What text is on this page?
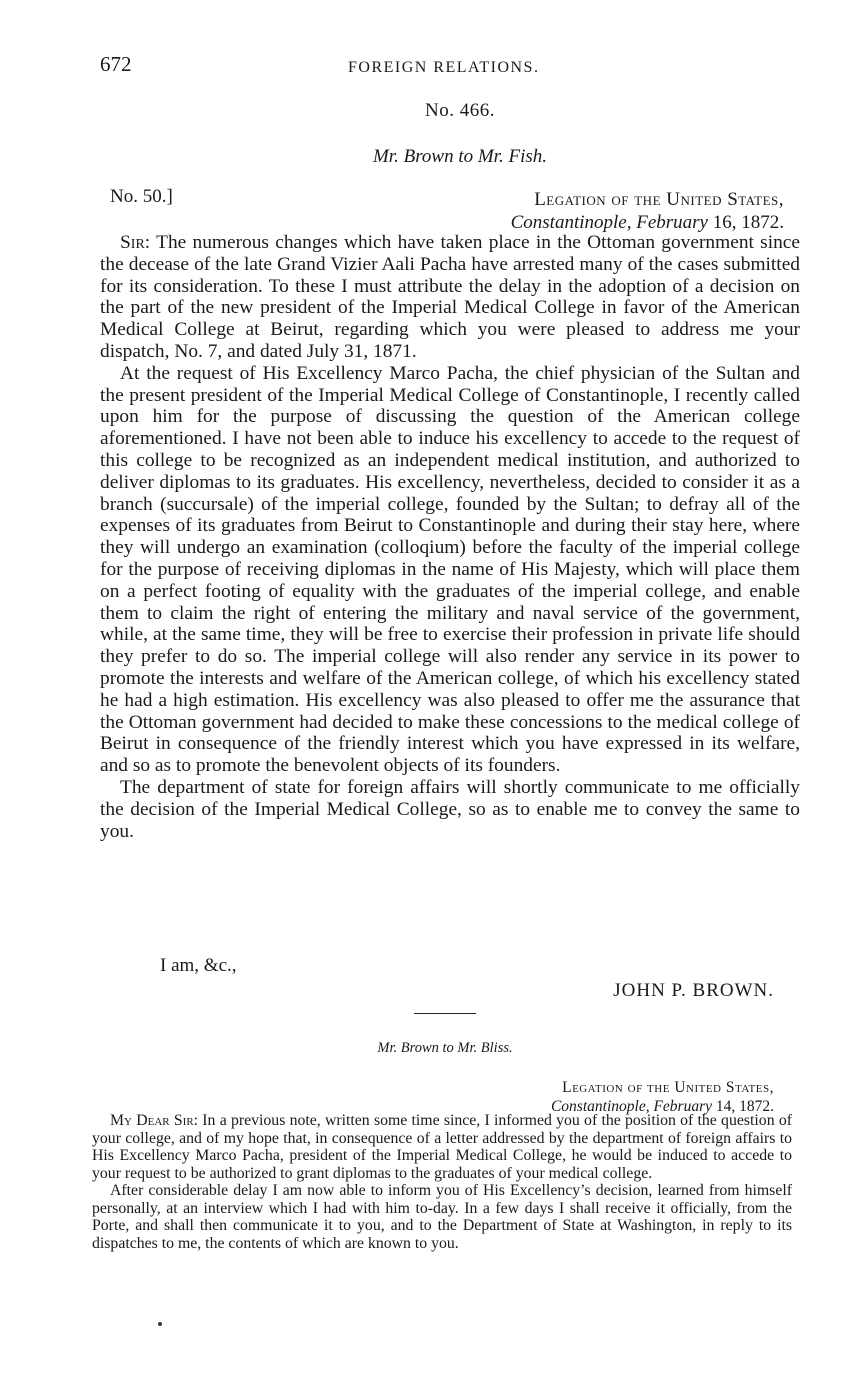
672	FOREIGN RELATIONS.
No. 466.
Mr. Brown to Mr. Fish.
No. 50.]	Legation of the United States,
Constantinople, February 16, 1872.

Sir: The numerous changes which have taken place in the Ottoman government since the decease of the late Grand Vizier Aali Pacha have arrested many of the cases submitted for its consideration. To these I must attribute the delay in the adoption of a decision on the part of the new president of the Imperial Medical College in favor of the American Medical College at Beirut, regarding which you were pleased to address me your dispatch, No. 7, and dated July 31, 1871.

At the request of His Excellency Marco Pacha, the chief physician of the Sultan and the present president of the Imperial Medical College of Constantinople, I recently called upon him for the purpose of discussing the question of the American college aforementioned. I have not been able to induce his excellency to accede to the request of this college to be recognized as an independent medical institution, and authorized to deliver diplomas to its graduates. His excellency, nevertheless, decided to consider it as a branch (succursale) of the imperial college, founded by the Sultan; to defray all of the expenses of its graduates from Beirut to Constantinople and during their stay here, where they will undergo an examination (colloqium) before the faculty of the imperial college for the purpose of receiving diplomas in the name of His Majesty, which will place them on a perfect footing of equality with the graduates of the imperial college, and enable them to claim the right of entering the military and naval service of the government, while, at the same time, they will be free to exercise their profession in private life should they prefer to do so. The imperial college will also render any service in its power to promote the interests and welfare of the American college, of which his excellency stated he had a high estimation. His excellency was also pleased to offer me the assurance that the Ottoman government had decided to make these concessions to the medical college of Beirut in consequence of the friendly interest which you have expressed in its welfare, and so as to promote the benevolent objects of its founders.

The department of state for foreign affairs will shortly communicate to me officially the decision of the Imperial Medical College, so as to enable me to convey the same to you.

I am, &c.,
JOHN P. BROWN.
Mr. Brown to Mr. Bliss.
Legation of the United States,
Constantinople, February 14, 1872.

My Dear Sir: In a previous note, written some time since, I informed you of the position of the question of your college, and of my hope that, in consequence of a letter addressed by the department of foreign affairs to His Excellency Marco Pacha, president of the Imperial Medical College, he would be induced to accede to your request to be authorized to grant diplomas to the graduates of your medical college.

After considerable delay I am now able to inform you of His Excellency’s decision, learned from himself personally, at an interview which I had with him to-day. In a few days I shall receive it officially, from the Porte, and shall then communicate it to you, and to the Department of State at Washington, in reply to its dispatches to me, the contents of which are known to you.
